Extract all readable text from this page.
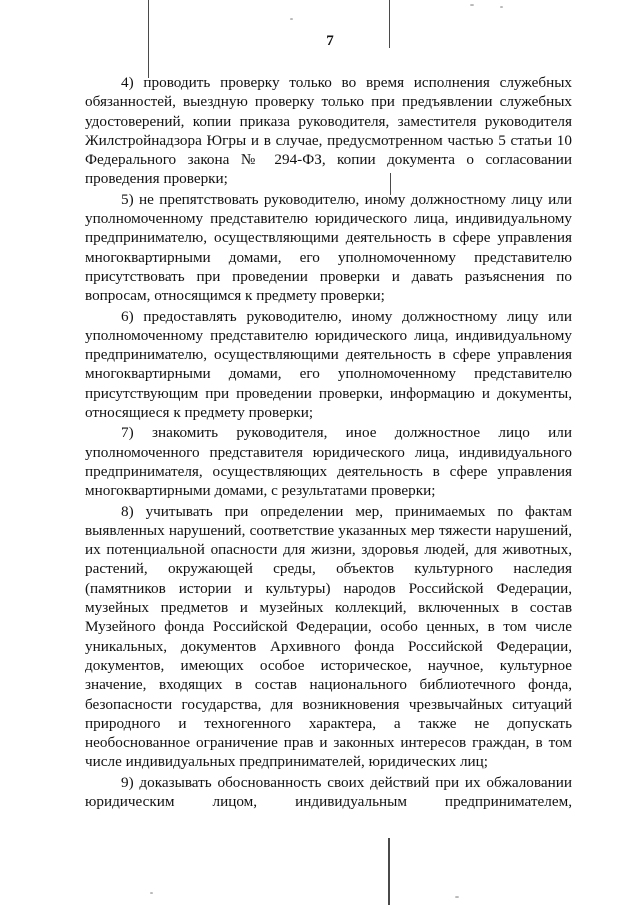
7

4) проводить проверку только во время исполнения служебных обязанностей, выездную проверку только при предъявлении служебных удостоверений, копии приказа руководителя, заместителя руководителя Жилстройнадзора Югры и в случае, предусмотренном частью 5 статьи 10 Федерального закона № 294-ФЗ, копии документа о согласовании проведения проверки;

5) не препятствовать руководителю, иному должностному лицу или уполномоченному представителю юридического лица, индивидуальному предпринимателю, осуществляющими деятельность в сфере управления многоквартирными домами, его уполномоченному представителю присутствовать при проведении проверки и давать разъяснения по вопросам, относящимся к предмету проверки;

6) предоставлять руководителю, иному должностному лицу или уполномоченному представителю юридического лица, индивидуальному предпринимателю, осуществляющими деятельность в сфере управления многоквартирными домами, его уполномоченному представителю присутствующим при проведении проверки, информацию и документы, относящиеся к предмету проверки;

7) знакомить руководителя, иное должностное лицо или уполномоченного представителя юридического лица, индивидуального предпринимателя, осуществляющих деятельность в сфере управления многоквартирными домами, с результатами проверки;

8) учитывать при определении мер, принимаемых по фактам выявленных нарушений, соответствие указанных мер тяжести нарушений, их потенциальной опасности для жизни, здоровья людей, для животных, растений, окружающей среды, объектов культурного наследия (памятников истории и культуры) народов Российской Федерации, музейных предметов и музейных коллекций, включенных в состав Музейного фонда Российской Федерации, особо ценных, в том числе уникальных, документов Архивного фонда Российской Федерации, документов, имеющих особое историческое, научное, культурное значение, входящих в состав национального библиотечного фонда, безопасности государства, для возникновения чрезвычайных ситуаций природного и техногенного характера, а также не допускать необоснованное ограничение прав и законных интересов граждан, в том числе индивидуальных предпринимателей, юридических лиц;

9) доказывать обоснованность своих действий при их обжаловании юридическим лицом, индивидуальным предпринимателем,
